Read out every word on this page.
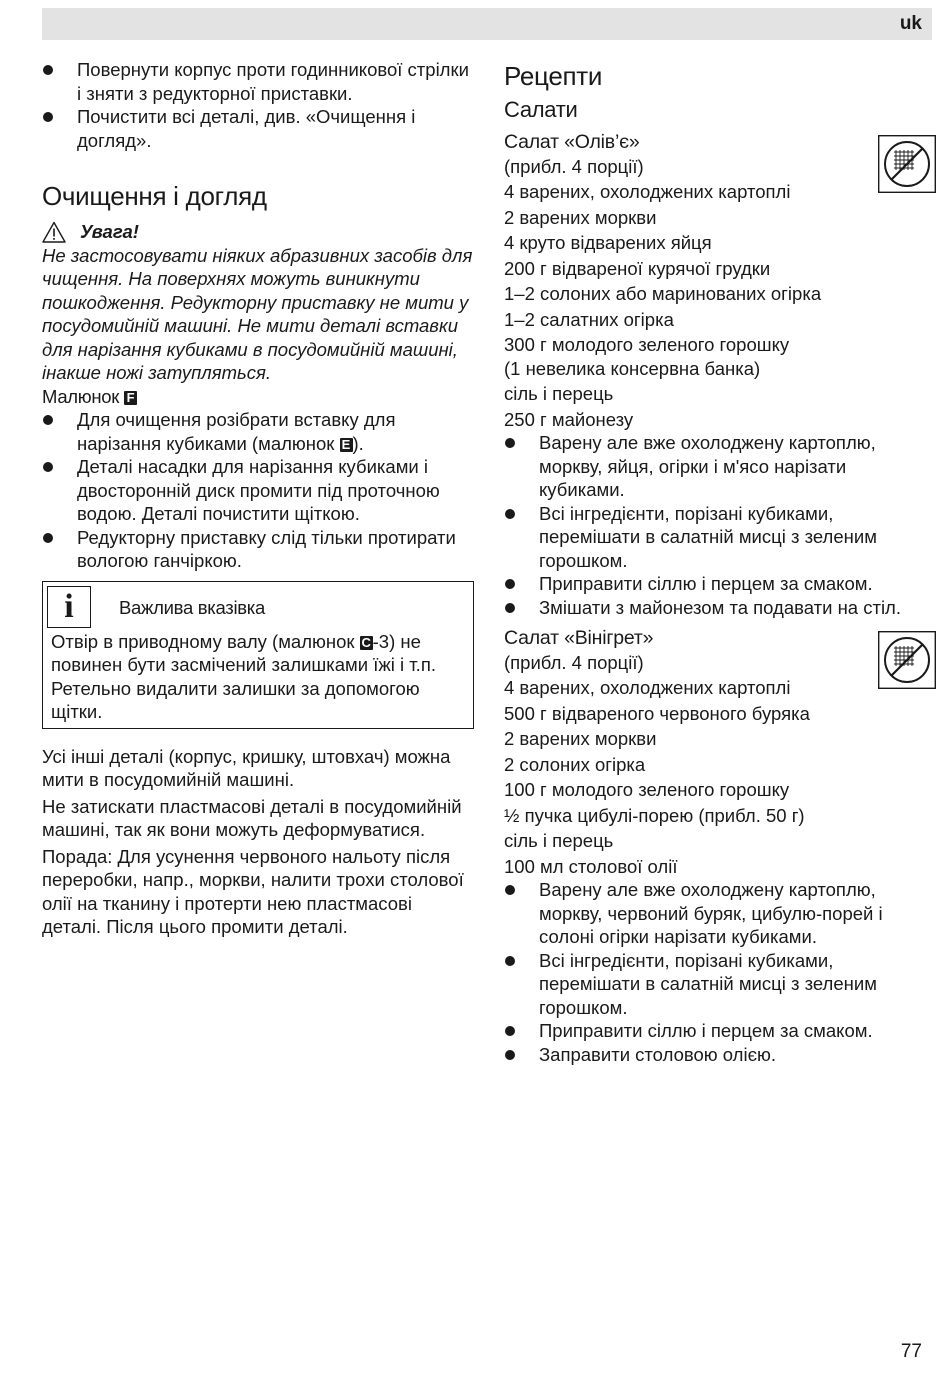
uk
Повернути корпус проти годинникової стрілки і зняти з редукторної приставки.
Почистити всі деталі, див. «Очищення і догляд».
Очищення і догляд
Увага!

Не застосовувати ніяких абразивних засобів для чищення. На поверхнях можуть виникнути пошкодження. Редукторну приставку не мити у посудомийній машині. Не мити деталі вставки для нарізання кубиками в посудомийній машині, інакше ножі затупляться.

Малюнок F

Для очищення розібрати вставку для нарізання кубиками (малюнок E ).
Деталі насадки для нарізання кубиками і двосторонній диск промити під проточною водою. Деталі почистити щіткою.
Редукторну приставку слід тільки протирати вологою ганчіркою.
i	Важлива вказівка

Отвір в приводному валу (малюнок C-3) не повинен бути засмічений залишками їжі і т.п. Ретельно видалити залишки за допомогою щітки.

Усі інші деталі (корпус, кришку, штовхач) можна мити в посудомийній машині.

Не затискати пластмасові деталі в посудомийній машині, так як вони можуть деформуватися.

Порада: Для усунення червоного нальоту після переробки, напр., моркви, налити трохи столової олії на тканину і протерти нею пластмасові деталі. Після цього промити деталі.

Рецепти
Салати
Салат «Олів’є»

(прибл. 4 порції)

4 варених, охолоджених картоплі

2 варених моркви

4 круто відварених яйця

200 г відвареної курячої грудки

1–2 солоних або маринованих огірка

1–2 салатних огірка

300 г молодого зеленого горошку

(1 невелика консервна банка)

сіль і перець

250 г майонезу

Варену але вже охолоджену картоплю, моркву, яйця, огірки і м'ясо нарізати кубиками.
Всі інгредієнти, порізані кубиками, перемішати в салатній мисці з зеленим горошком.
Приправити сіллю і перцем за смаком.
Змішати з майонезом та подавати на стіл.
Салат «Вінігрет»

(прибл. 4 порції)

4 варених, охолоджених картоплі

500 г відвареного червоного буряка

2 варених моркви

2 солоних огірка

100 г молодого зеленого горошку

½ пучка цибулі-порею (прибл. 50 г)

сіль і перець

100 мл столової олії

Варену але вже охолоджену картоплю, моркву, червоний буряк, цибулю-порей і солоні огірки нарізати кубиками.
Всі інгредієнти, порізані кубиками, перемішати в салатній мисці з зеленим горошком.
Приправити сіллю і перцем за смаком.
Заправити столовою олією.
77
